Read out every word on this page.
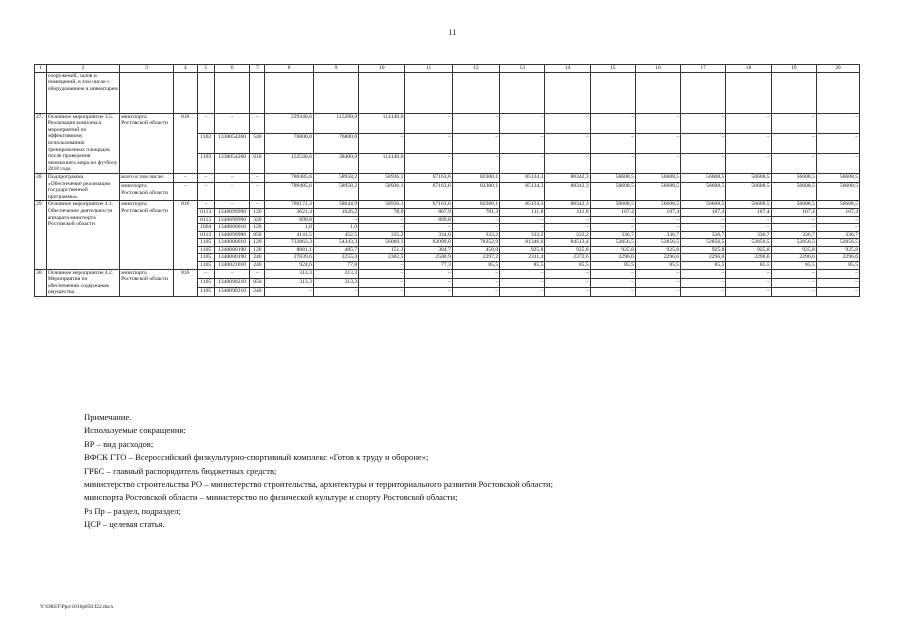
11
1	2	3	4	5	6	7	8	9	10	11	12	13	14	15	16	17	18	19	20
	сооружений, залов и помещений, в том числе с оборудованием и инвентарем																		
27.	Основное мероприятие 3.5. Реализация комплекса мероприятий по эффективному использованию тренировочных площадок после проведения чемпионата мира по футболу 2018 года	минспорта Ростовской области	816	–	–	–	229340,6	115200,0	114140,6	–	–	–	–	–	–	–	–	–	–
				1102	1330054260	540	76800,0	76800,0	–	–	–	–	–	–	–	–	–	–	–
				1103	1330054260	610	152540,6	38400,0	114140,6	–	–	–	–	–	–	–	–	–	–
28.	Подпрограмма «Обеспечение реализации государственной программы»	всего в том числе:	–	–	–	–	780485,6	58958,2	58936,1	67163,6	82300,1	85134,3	88342,3	56608,5	56608,5	56608,5	56608,5	56608,5	56608,5
		минспорта Ростовской области	–	–	–	–	789485,6	58958,2	58936,1	67163,6	82300,1	85134,3	88342,3	56608,5	56608,5	56608,5	56608,5	56608,5	56608,5
29.	Основное мероприятие 4.1. Обеспечение деятельности аппарата минспорта Ростовской области	минспорта Ростовской области	816	–	–	–	780172,3	58644,9	58936,1	67163,6	82300,1	85134,3	88342,3	56608,5	56608,5	56608,5	56608,5	56608,5	56608,5
				0113	1340099990	120	3621,4	1026,2	78,0	867,9	781,3	111,8	111,8	107,4	107,4	107,4	107,4	107,4	107,4
				0113	1340099990	320	899,8	–	–	899,8	–	–	–	–	–	–	–	–	–
				1004	1340000010	120	1,0	1,0	–	–	–	–	–	–	–	–	–	–	–
				0113	1340099990	850	4141,5	452,5	335,2	334,0	333,2	333,2	333,2	336,7	336,7	336,7	336,7	336,7	336,7
				1105	1340000010	120	733863,3	54343,3	56069,1	62099,0	78352,9	81346,6	84513,4	52856,5	52856,5	52856,5	52856,5	52856,5	52856,5
				1105	1340000190	120	8881,1	485,7	151,3	384,7	450,0	925,8	925,8	925,8	925,8	925,8	925,8	925,8	925,8
				1105	1340000190	240	27839,6	2255,4	2302,5	2500,9	2297,2	2311,4	2372,6	2296,6	2296,6	2296,6	2296,6	2296,6	2296,6
				1105	1340021010	240	924,6	77,8	–	77,3	85,5	85,5	85,5	85,5	85,5	85,5	85,5	85,5	85,5
30.	Основное мероприятие 4.2. Мероприятия по обеспечению содержания имущества	минспорта Ростовской области	816	–	–	–	313,3	313,3	–	–	–	–	–	–	–	–	–	–	–
				1105	1340090210	850	313,3	313,3	–	–	–	–	–	–	–	–	–	–	–
				1105	1340090210	240	–	–	–	–	–	–	–	–	–	–	–	–	–
Примечание.
Используемые сокращения:
ВР – вид расходов;
ВФСК ГТО – Всероссийский физкультурно-спортивный комплекс «Готов к труду и обороне»;
ГРБС – главный распорядитель бюджетных средств;
министерство строительства РО – министерство строительства, архитектуры и территориального развития Ростовской области;
минспорта Ростовской области – министерство по физической культуре и спорту Ростовской области;
Рз Пр – раздел, подраздел;
ЦСР – целевая статья.
Y:\ORST\Ppo\1016p850.f22.docx
